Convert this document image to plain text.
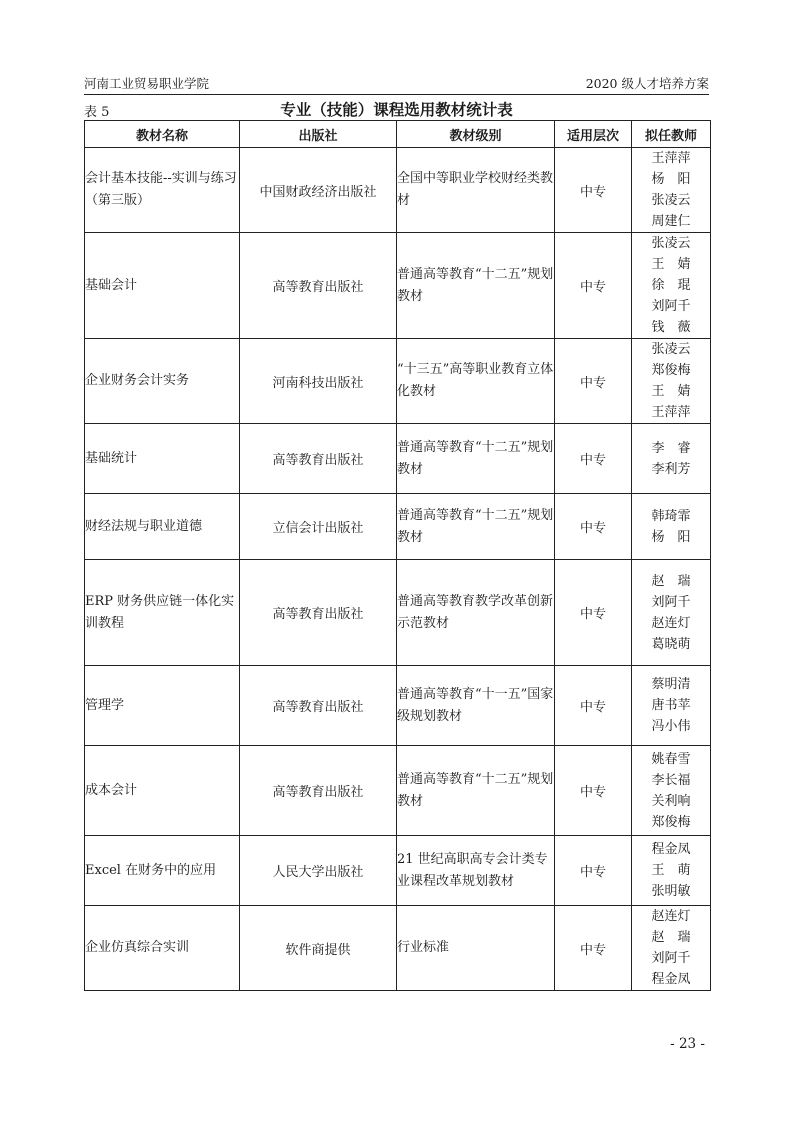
河南工业贸易职业学院	2020 级人才培养方案
表 5	专业（技能）课程选用教材统计表
教材名称	出版社	教材级别	适用层次	拟任教师
会计基本技能--实训与练习（第三版）	中国财政经济出版社	全国中等职业学校财经类教材	中专	王萍萍
杨　阳
张凌云
周建仁

基础会计	高等教育出版社	普通高等教育“十二五”规划教材	中专	张凌云
王　婧
徐　琨
刘阿千
钱　薇

企业财务会计实务	河南科技出版社	“十三五”高等职业教育立体化教材	中专	张凌云
郑俊梅
王　婧
王萍萍

基础统计	高等教育出版社	普通高等教育“十二五”规划教材	中专	李　睿
李利芳

财经法规与职业道德	立信会计出版社	普通高等教育“十二五”规划教材	中专	韩琦霏
杨　阳

ERP 财务供应链一体化实训教程	高等教育出版社	普通高等教育教学改革创新示范教材	中专	赵　瑞
刘阿千
赵连灯
葛晓萌

管理学	高等教育出版社	普通高等教育“十一五”国家级规划教材	中专	蔡明清
唐书苹
冯小伟

成本会计	高等教育出版社	普通高等教育“十二五”规划教材	中专	姚春雪
李长福
关利响
郑俊梅

Excel 在财务中的应用	人民大学出版社	21 世纪高职高专会计类专业课程改革规划教材	中专	程金凤
王　萌
张明敏

企业仿真综合实训	软件商提供	行业标准	中专	赵连灯
赵　瑞
刘阿千
程金凤
- 23 -
